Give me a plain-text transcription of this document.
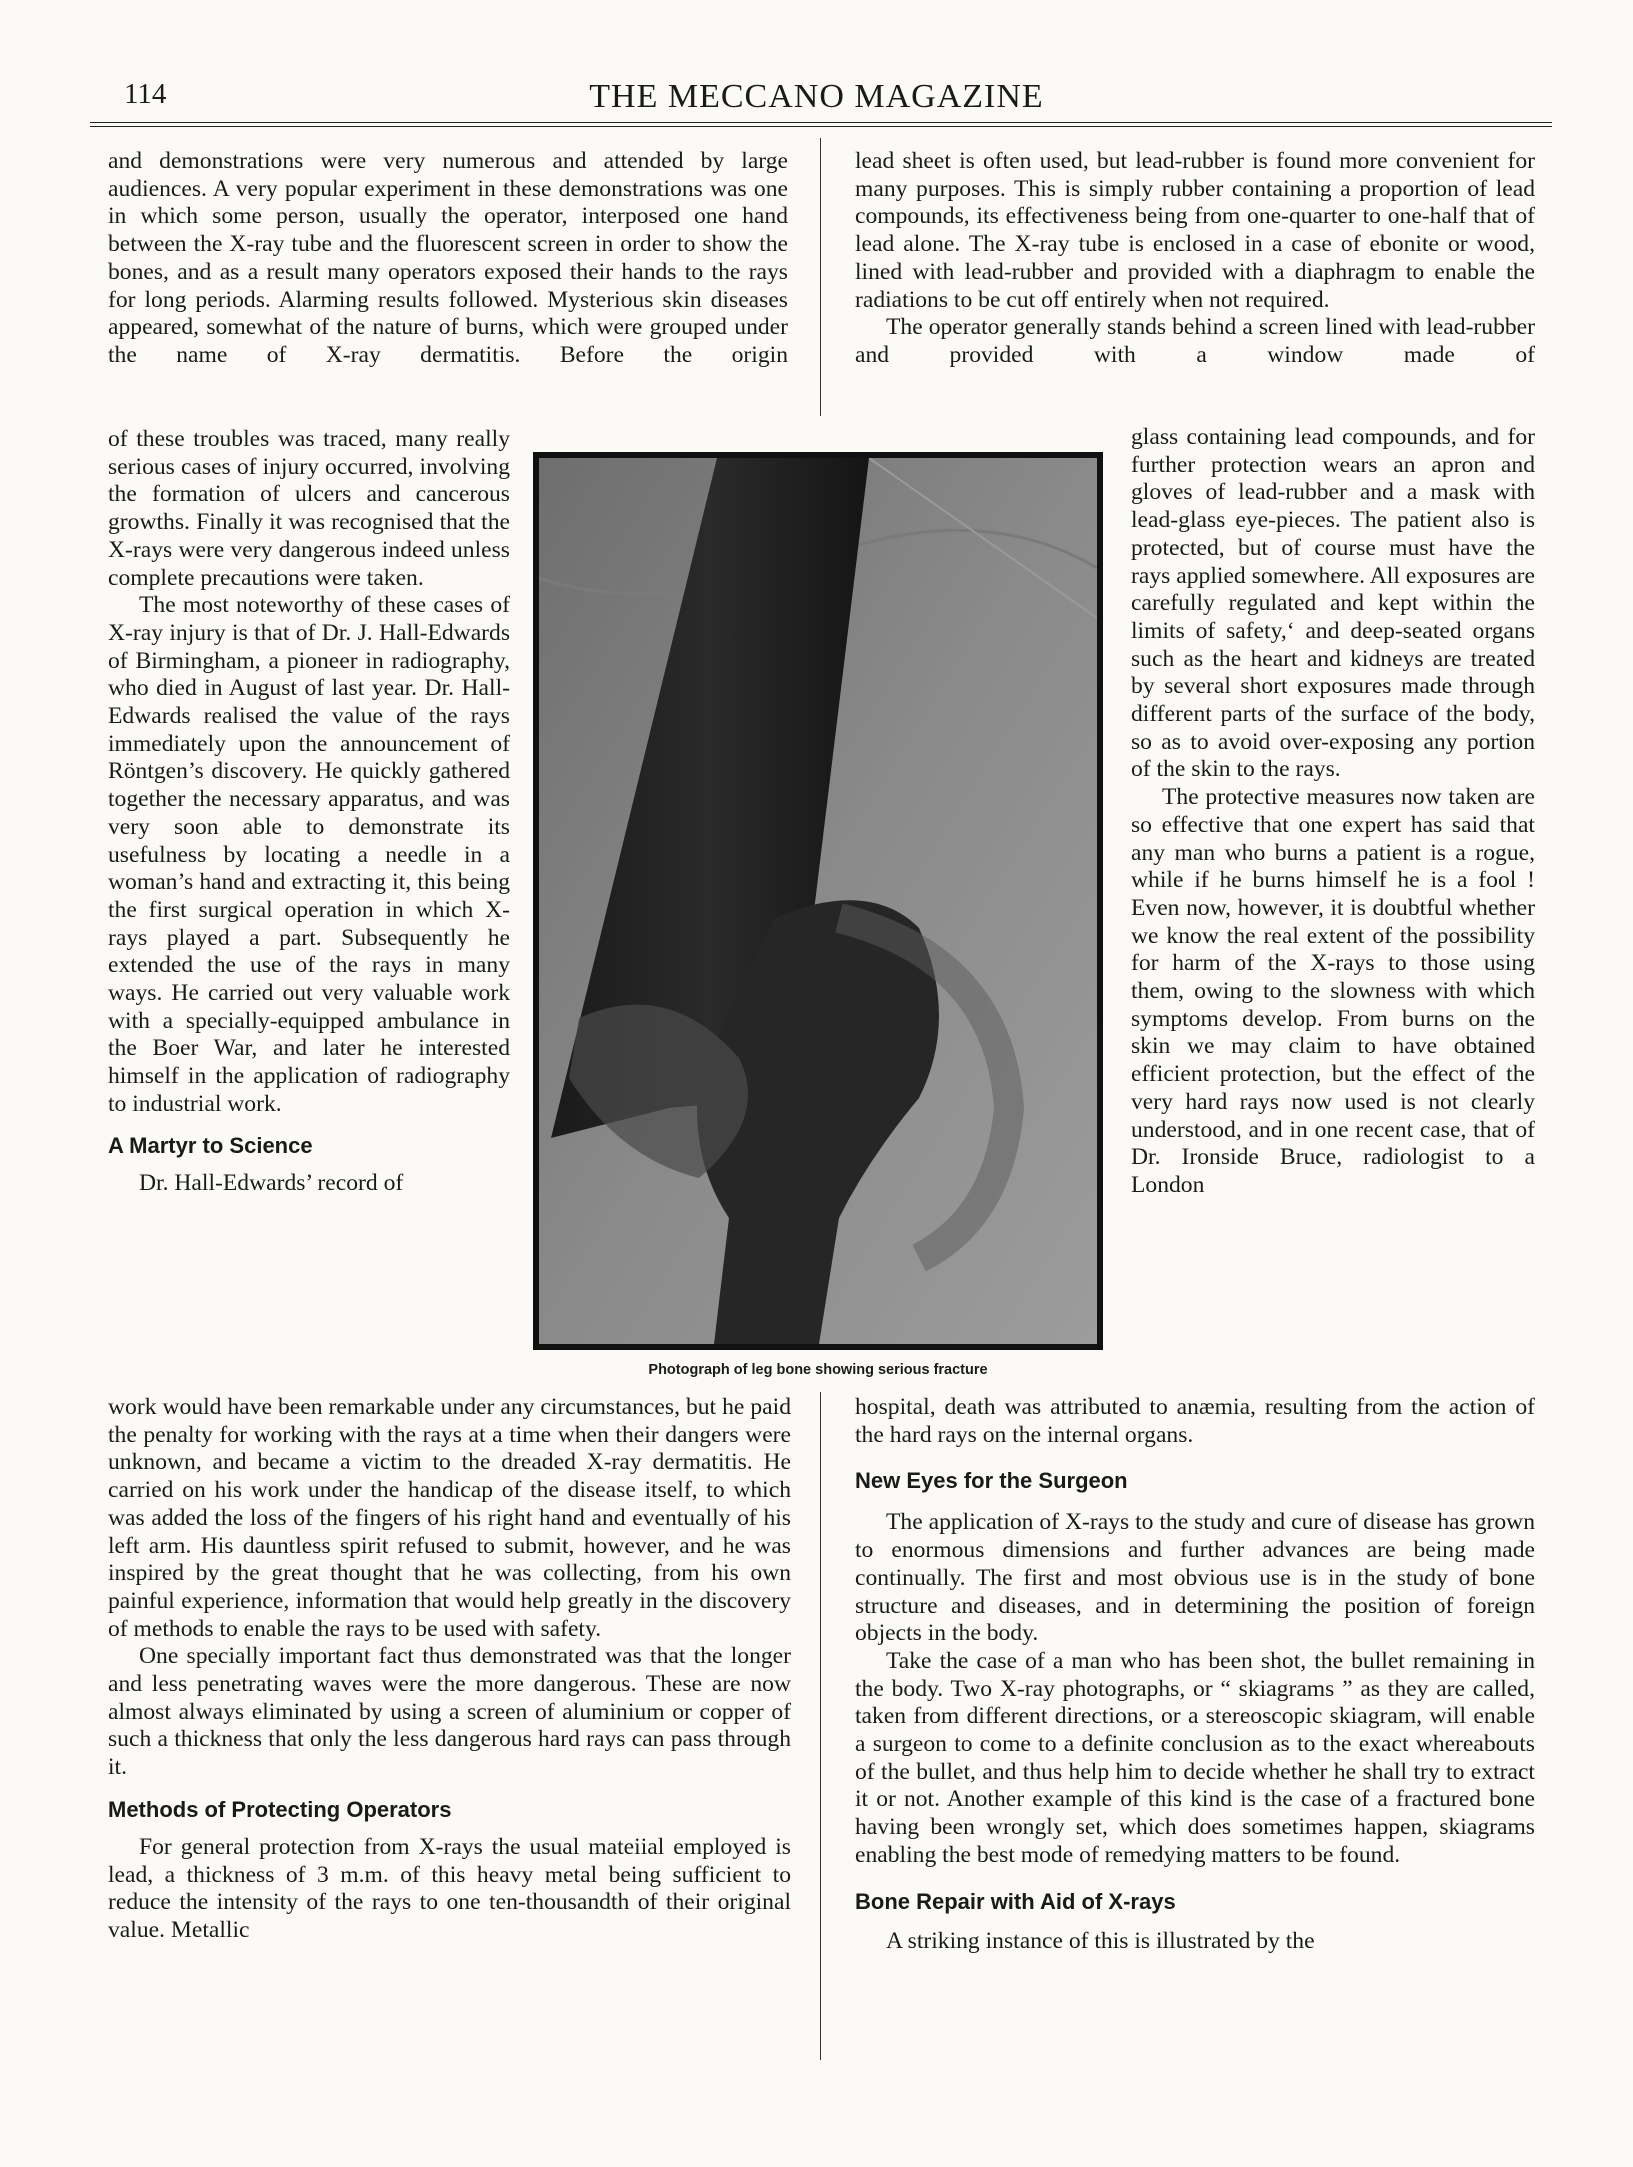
114	THE MECCANO MAGAZINE

and demonstrations were very numerous and attended by large audiences. A very popular experiment in these demonstrations was one in which some person, usually the operator, interposed one hand between the X-ray tube and the fluorescent screen in order to show the bones, and as a result many operators exposed their hands to the rays for long periods. Alarming results followed. Mysterious skin diseases appeared, somewhat of the nature of burns, which were grouped under the name of X-ray dermatitis. Before the origin

of these troubles was traced, many really serious cases of injury occurred, involving the formation of ulcers and cancerous growths. Finally it was recognised that the X-rays were very dangerous indeed unless complete precautions were taken.

The most noteworthy of these cases of X-ray injury is that of Dr. J. Hall-Edwards of Birmingham, a pioneer in radiography, who died in August of last year. Dr. Hall-Edwards realised the value of the rays immediately upon the announcement of Röntgen’s discovery. He quickly gathered together the necessary apparatus, and was very soon able to demonstrate its usefulness by locating a needle in a woman’s hand and extracting it, this being the first surgical operation in which X-rays played a part. Subsequently he extended the use of the rays in many ways. He carried out very valuable work with a specially-equipped ambulance in the Boer War, and later he interested himself in the application of radiography to industrial work.

A Martyr to Science

Dr. Hall-Edwards’ record of

work would have been remarkable under any circumstances, but he paid the penalty for working with the rays at a time when their dangers were unknown, and became a victim to the dreaded X-ray dermatitis. He carried on his work under the handicap of the disease itself, to which was added the loss of the fingers of his right hand and eventually of his left arm. His dauntless spirit refused to submit, however, and he was inspired by the great thought that he was collecting, from his own painful experience, information that would help greatly in the discovery of methods to enable the rays to be used with safety.

One specially important fact thus demonstrated was that the longer and less penetrating waves were the more dangerous. These are now almost always eliminated by using a screen of aluminium or copper of such a thickness that only the less dangerous hard rays can pass through it.

Methods of Protecting Operators

For general protection from X-rays the usual mateiial employed is lead, a thickness of 3 m.m. of this heavy metal being sufficient to reduce the intensity of the rays to one ten-thousandth of their original value. Metallic

lead sheet is often used, but lead-rubber is found more convenient for many purposes. This is simply rubber containing a proportion of lead compounds, its effectiveness being from one-quarter to one-half that of lead alone. The X-ray tube is enclosed in a case of ebonite or wood, lined with lead-rubber and provided with a diaphragm to enable the radiations to be cut off entirely when not required.

The operator generally stands behind a screen lined with lead-rubber and provided with a window made of

glass containing lead compounds, and for further protection wears an apron and gloves of lead-rubber and a mask with lead-glass eye-pieces. The patient also is protected, but of course must have the rays applied somewhere. All exposures are carefully regulated and kept within the limits of safety,‘ and deep-seated organs such as the heart and kidneys are treated by several short exposures made through different parts of the surface of the body, so as to avoid over-exposing any portion of the skin to the rays.

The protective measures now taken are so effective that one expert has said that any man who burns a patient is a rogue, while if he burns himself he is a fool ! Even now, however, it is doubtful whether we know the real extent of the possibility for harm of the X-rays to those using them, owing to the slowness with which symptoms develop. From burns on the skin we may claim to have obtained efficient protection, but the effect of the very hard rays now used is not clearly understood, and in one recent case, that of Dr. Ironside Bruce, radiologist to a London

hospital, death was attributed to anæmia, resulting from the action of the hard rays on the internal organs.

New Eyes for the Surgeon

The application of X-rays to the study and cure of disease has grown to enormous dimensions and further advances are being made continually. The first and most obvious use is in the study of bone structure and diseases, and in determining the position of foreign objects in the body.

Take the case of a man who has been shot, the bullet remaining in the body. Two X-ray photographs, or “ skiagrams ” as they are called, taken from different directions, or a stereoscopic skiagram, will enable a surgeon to come to a definite conclusion as to the exact whereabouts of the bullet, and thus help him to decide whether he shall try to extract it or not. Another example of this kind is the case of a fractured bone having been wrongly set, which does sometimes happen, skiagrams enabling the best mode of remedying matters to be found.

Bone Repair with Aid of X-rays

A striking instance of this is illustrated by the

Photograph of leg bone showing serious fracture
